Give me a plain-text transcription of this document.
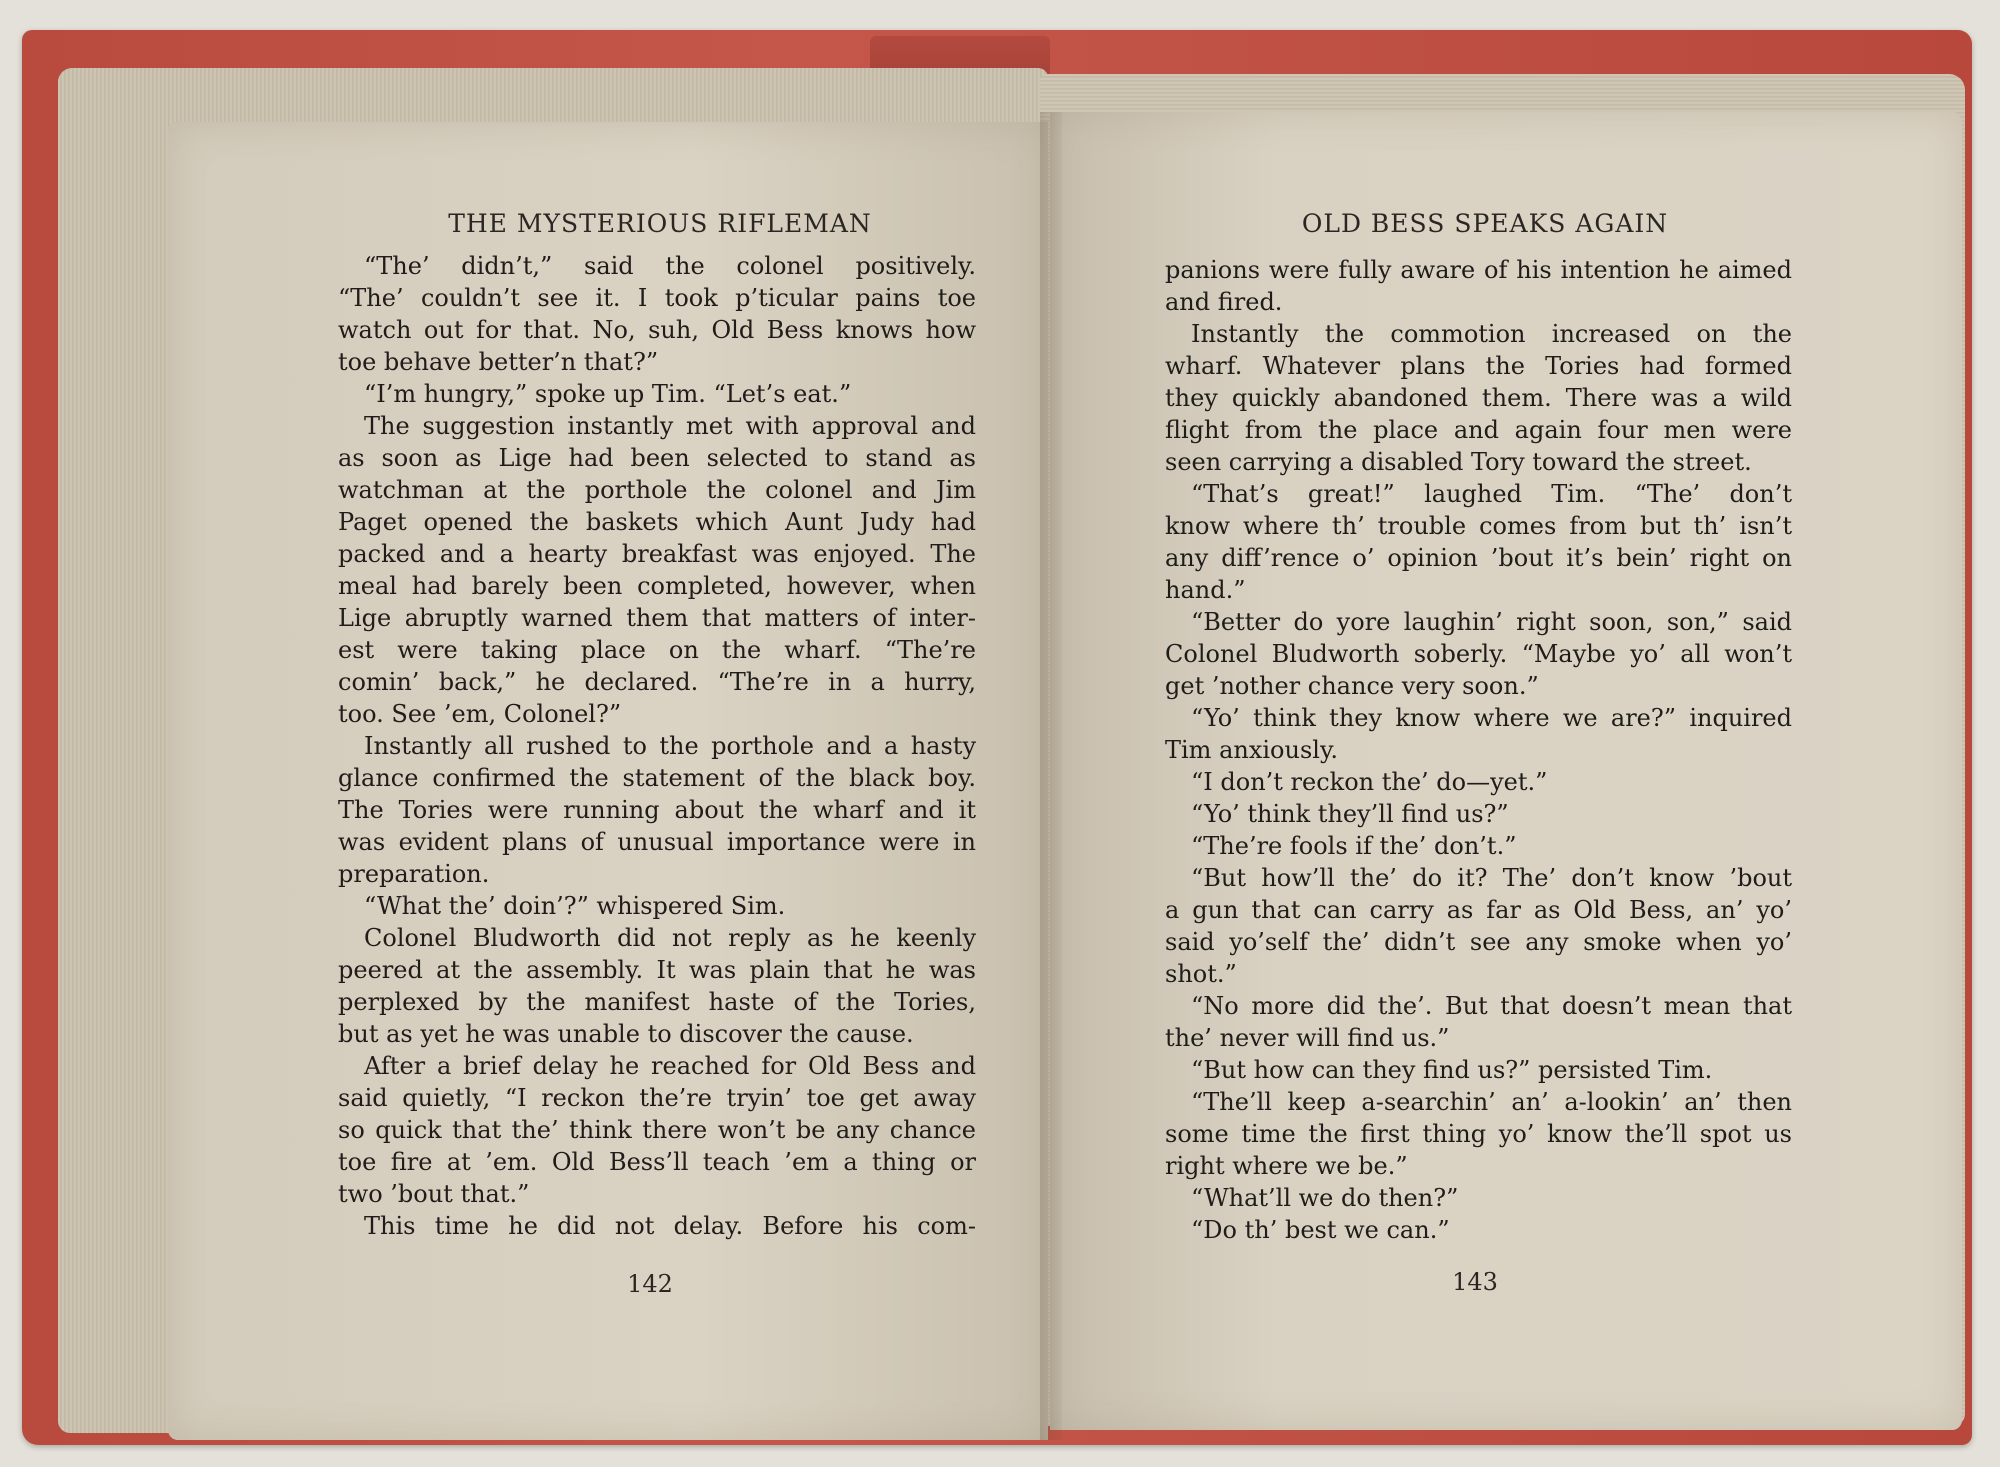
THE MYSTERIOUS RIFLEMAN	OLD BESS SPEAKS AGAIN
“The’ didn’t,” said the colonel positively.
“The’ couldn’t see it. I took p’ticular pains toe
watch out for that. No, suh, Old Bess knows how
toe behave better’n that?”
“I’m hungry,” spoke up Tim. “Let’s eat.”
The suggestion instantly met with approval and
as soon as Lige had been selected to stand as
watchman at the porthole the colonel and Jim
Paget opened the baskets which Aunt Judy had
packed and a hearty breakfast was enjoyed. The
meal had barely been completed, however, when
Lige abruptly warned them that matters of inter-
est were taking place on the wharf. “The’re
comin’ back,” he declared. “The’re in a hurry,
too. See ’em, Colonel?”
Instantly all rushed to the porthole and a hasty
glance confirmed the statement of the black boy.
The Tories were running about the wharf and it
was evident plans of unusual importance were in
preparation.
“What the’ doin’?” whispered Sim.
Colonel Bludworth did not reply as he keenly
peered at the assembly. It was plain that he was
perplexed by the manifest haste of the Tories,
but as yet he was unable to discover the cause.
After a brief delay he reached for Old Bess and
said quietly, “I reckon the’re tryin’ toe get away
so quick that the’ think there won’t be any chance
toe fire at ’em. Old Bess’ll teach ’em a thing or
two ’bout that.”
This time he did not delay. Before his com-
panions were fully aware of his intention he aimed
and fired.
Instantly the commotion increased on the
wharf. Whatever plans the Tories had formed
they quickly abandoned them. There was a wild
flight from the place and again four men were
seen carrying a disabled Tory toward the street.
“That’s great!” laughed Tim. “The’ don’t
know where th’ trouble comes from but th’ isn’t
any diff’rence o’ opinion ’bout it’s bein’ right on
hand.”
“Better do yore laughin’ right soon, son,” said
Colonel Bludworth soberly. “Maybe yo’ all won’t
get ’nother chance very soon.”
“Yo’ think they know where we are?” inquired
Tim anxiously.
“I don’t reckon the’ do—yet.”
“Yo’ think they’ll find us?”
“The’re fools if the’ don’t.”
“But how’ll the’ do it? The’ don’t know ’bout
a gun that can carry as far as Old Bess, an’ yo’
said yo’self the’ didn’t see any smoke when yo’
shot.”
“No more did the’. But that doesn’t mean that
the’ never will find us.”
“But how can they find us?” persisted Tim.
“The’ll keep a-searchin’ an’ a-lookin’ an’ then
some time the first thing yo’ know the’ll spot us
right where we be.”
“What’ll we do then?”
“Do th’ best we can.”
142	143
